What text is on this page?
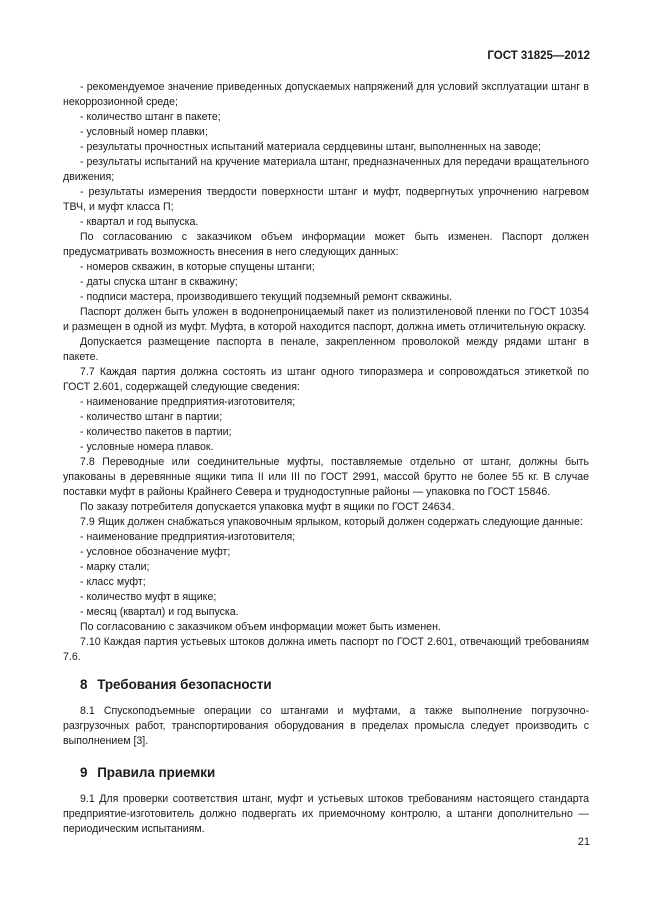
ГОСТ 31825—2012

- рекомендуемое значение приведенных допускаемых напряжений для условий эксплуатации штанг в некоррозионной среде;

- количество штанг в пакете;

- условный номер плавки;

- результаты прочностных испытаний материала сердцевины штанг, выполненных на заводе;

- результаты испытаний на кручение материала штанг, предназначенных для передачи вращательного движения;

- результаты измерения твердости поверхности штанг и муфт, подвергнутых упрочнению нагревом ТВЧ, и муфт класса П;

- квартал и год выпуска.

По согласованию с заказчиком объем информации может быть изменен. Паспорт должен предусматривать возможность внесения в него следующих данных:

- номеров скважин, в которые спущены штанги;

- даты спуска штанг в скважину;

- подписи мастера, производившего текущий подземный ремонт скважины.

Паспорт должен быть уложен в водонепроницаемый пакет из полиэтиленовой пленки по ГОСТ 10354 и размещен в одной из муфт. Муфта, в которой находится паспорт, должна иметь отличительную окраску.

Допускается размещение паспорта в пенале, закрепленном проволокой между рядами штанг в пакете.

7.7 Каждая партия должна состоять из штанг одного типоразмера и сопровождаться этикеткой по ГОСТ 2.601, содержащей следующие сведения:

- наименование предприятия-изготовителя;

- количество штанг в партии;

- количество пакетов в партии;

- условные номера плавок.

7.8 Переводные или соединительные муфты, поставляемые отдельно от штанг, должны быть упакованы в деревянные ящики типа II или III по ГОСТ 2991, массой брутто не более 55 кг. В случае поставки муфт в районы Крайнего Севера и труднодоступные районы — упаковка по ГОСТ 15846.

По заказу потребителя допускается упаковка муфт в ящики по ГОСТ 24634.

7.9 Ящик должен снабжаться упаковочным ярлыком, который должен содержать следующие данные:

- наименование предприятия-изготовителя;

- условное обозначение муфт;

- марку стали;

- класс муфт;

- количество муфт в ящике;

- месяц (квартал) и год выпуска.

По согласованию с заказчиком объем информации может быть изменен.

7.10 Каждая партия устьевых штоков должна иметь паспорт по ГОСТ 2.601, отвечающий требованиям 7.6.

8 Требования безопасности

8.1 Спускоподъемные операции со штангами и муфтами, а также выполнение погрузочно-разгрузочных работ, транспортирования оборудования в пределах промысла следует производить с выполнением [3].

9 Правила приемки

9.1 Для проверки соответствия штанг, муфт и устьевых штоков требованиям настоящего стандарта предприятие-изготовитель должно подвергать их приемочному контролю, а штанги дополнительно — периодическим испытаниям.

21
